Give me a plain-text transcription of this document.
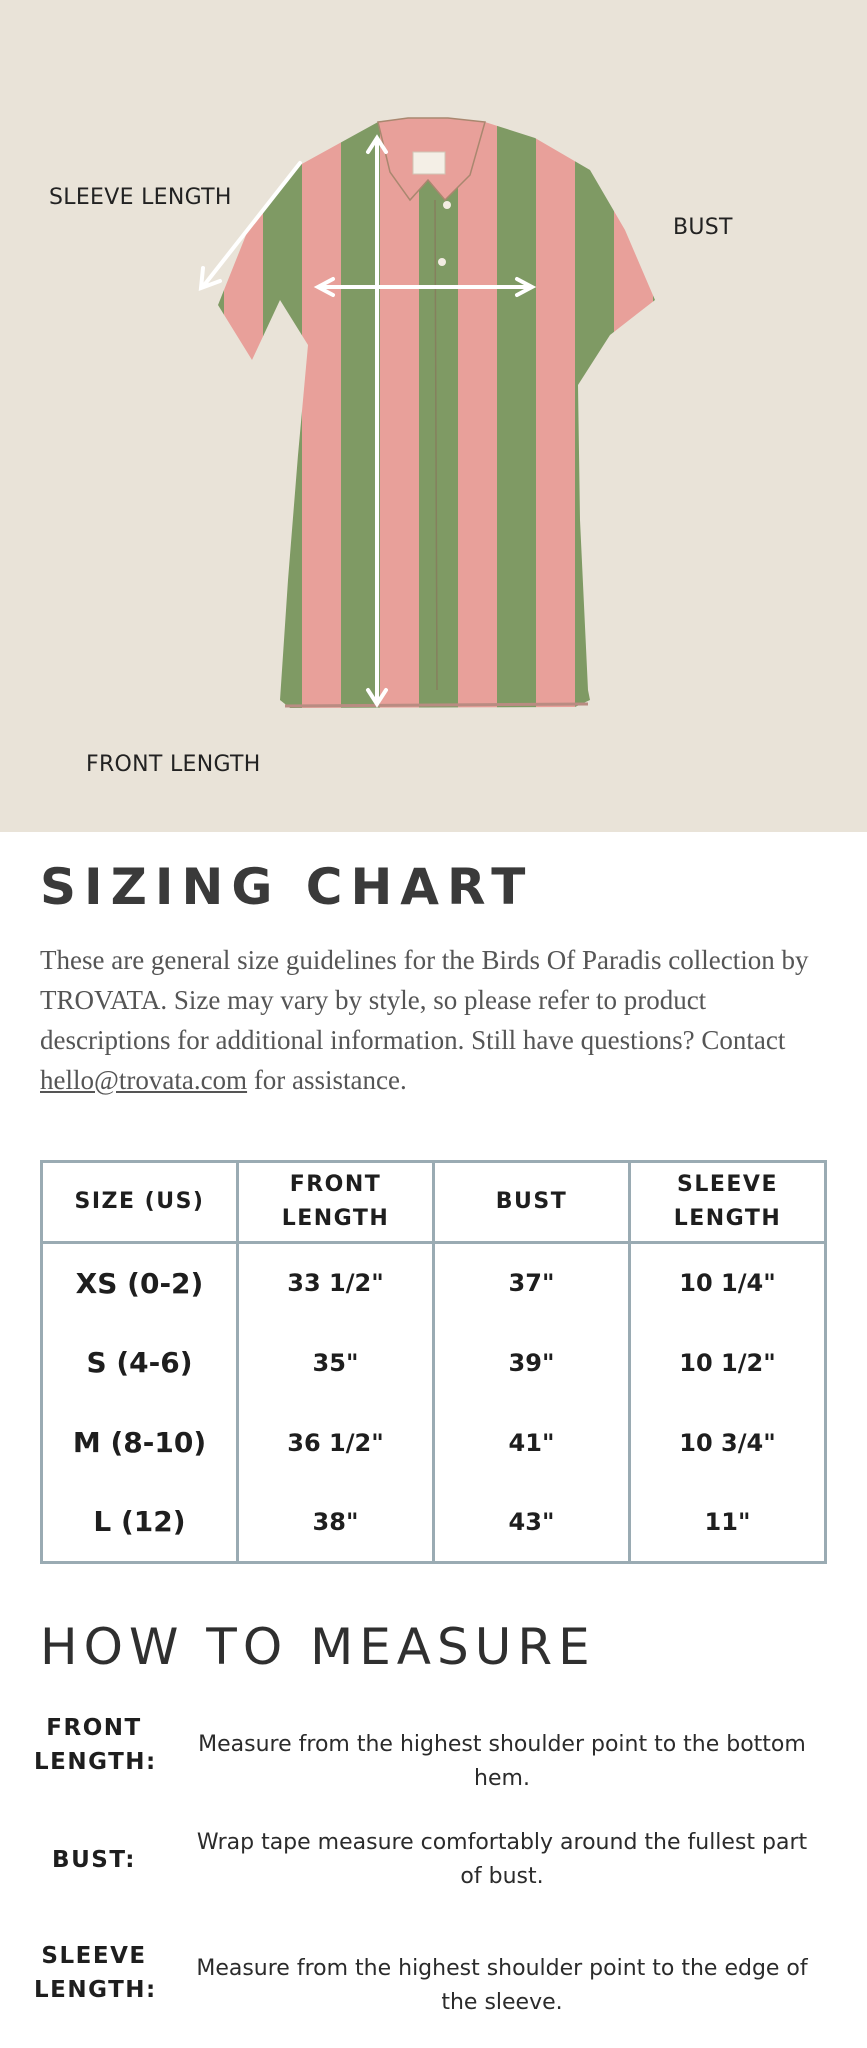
SLEEVE LENGTH
BUST
FRONT LENGTH
SIZING CHART

These are general size guidelines for the Birds Of Paradis collection by TROVATA. Size may vary by style, so please refer to product descriptions for additional information. Still have questions? Contact hello@trovata.com for assistance.

SIZE (US)	FRONT LENGTH	BUST	SLEEVE LENGTH
XS (0-2)	33 1/2"	37"	10 1/4"
S (4-6)	35"	39"	10 1/2"
M (8-10)	36 1/2"	41"	10 3/4"
L (12)	38"	43"	11"
HOW TO MEASURE
FRONT LENGTH:
Measure from the highest shoulder point to the bottom hem.
BUST:
Wrap tape measure comfortably around the fullest part of bust.
SLEEVE LENGTH:
Measure from the highest shoulder point to the edge of the sleeve.
